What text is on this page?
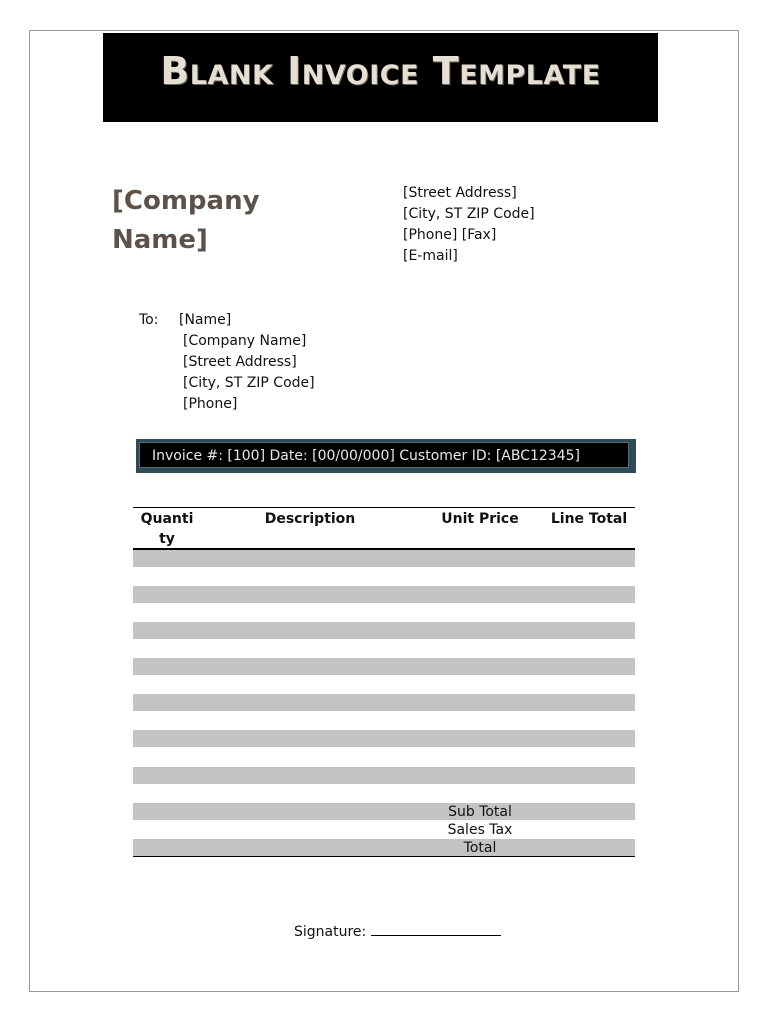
Blank Invoice Template
[Company Name]
[Street Address]
[City, ST ZIP Code]
[Phone] [Fax]
[E-mail]
To: [Name]
[Company Name]
[Street Address]
[City, ST ZIP Code]
[Phone]
Invoice #: [100] Date: [00/00/000] Customer ID: [ABC12345]
Quanti ty
Description	Unit Price	Line Total
Sub Total
Sales Tax
Total
Signature:
